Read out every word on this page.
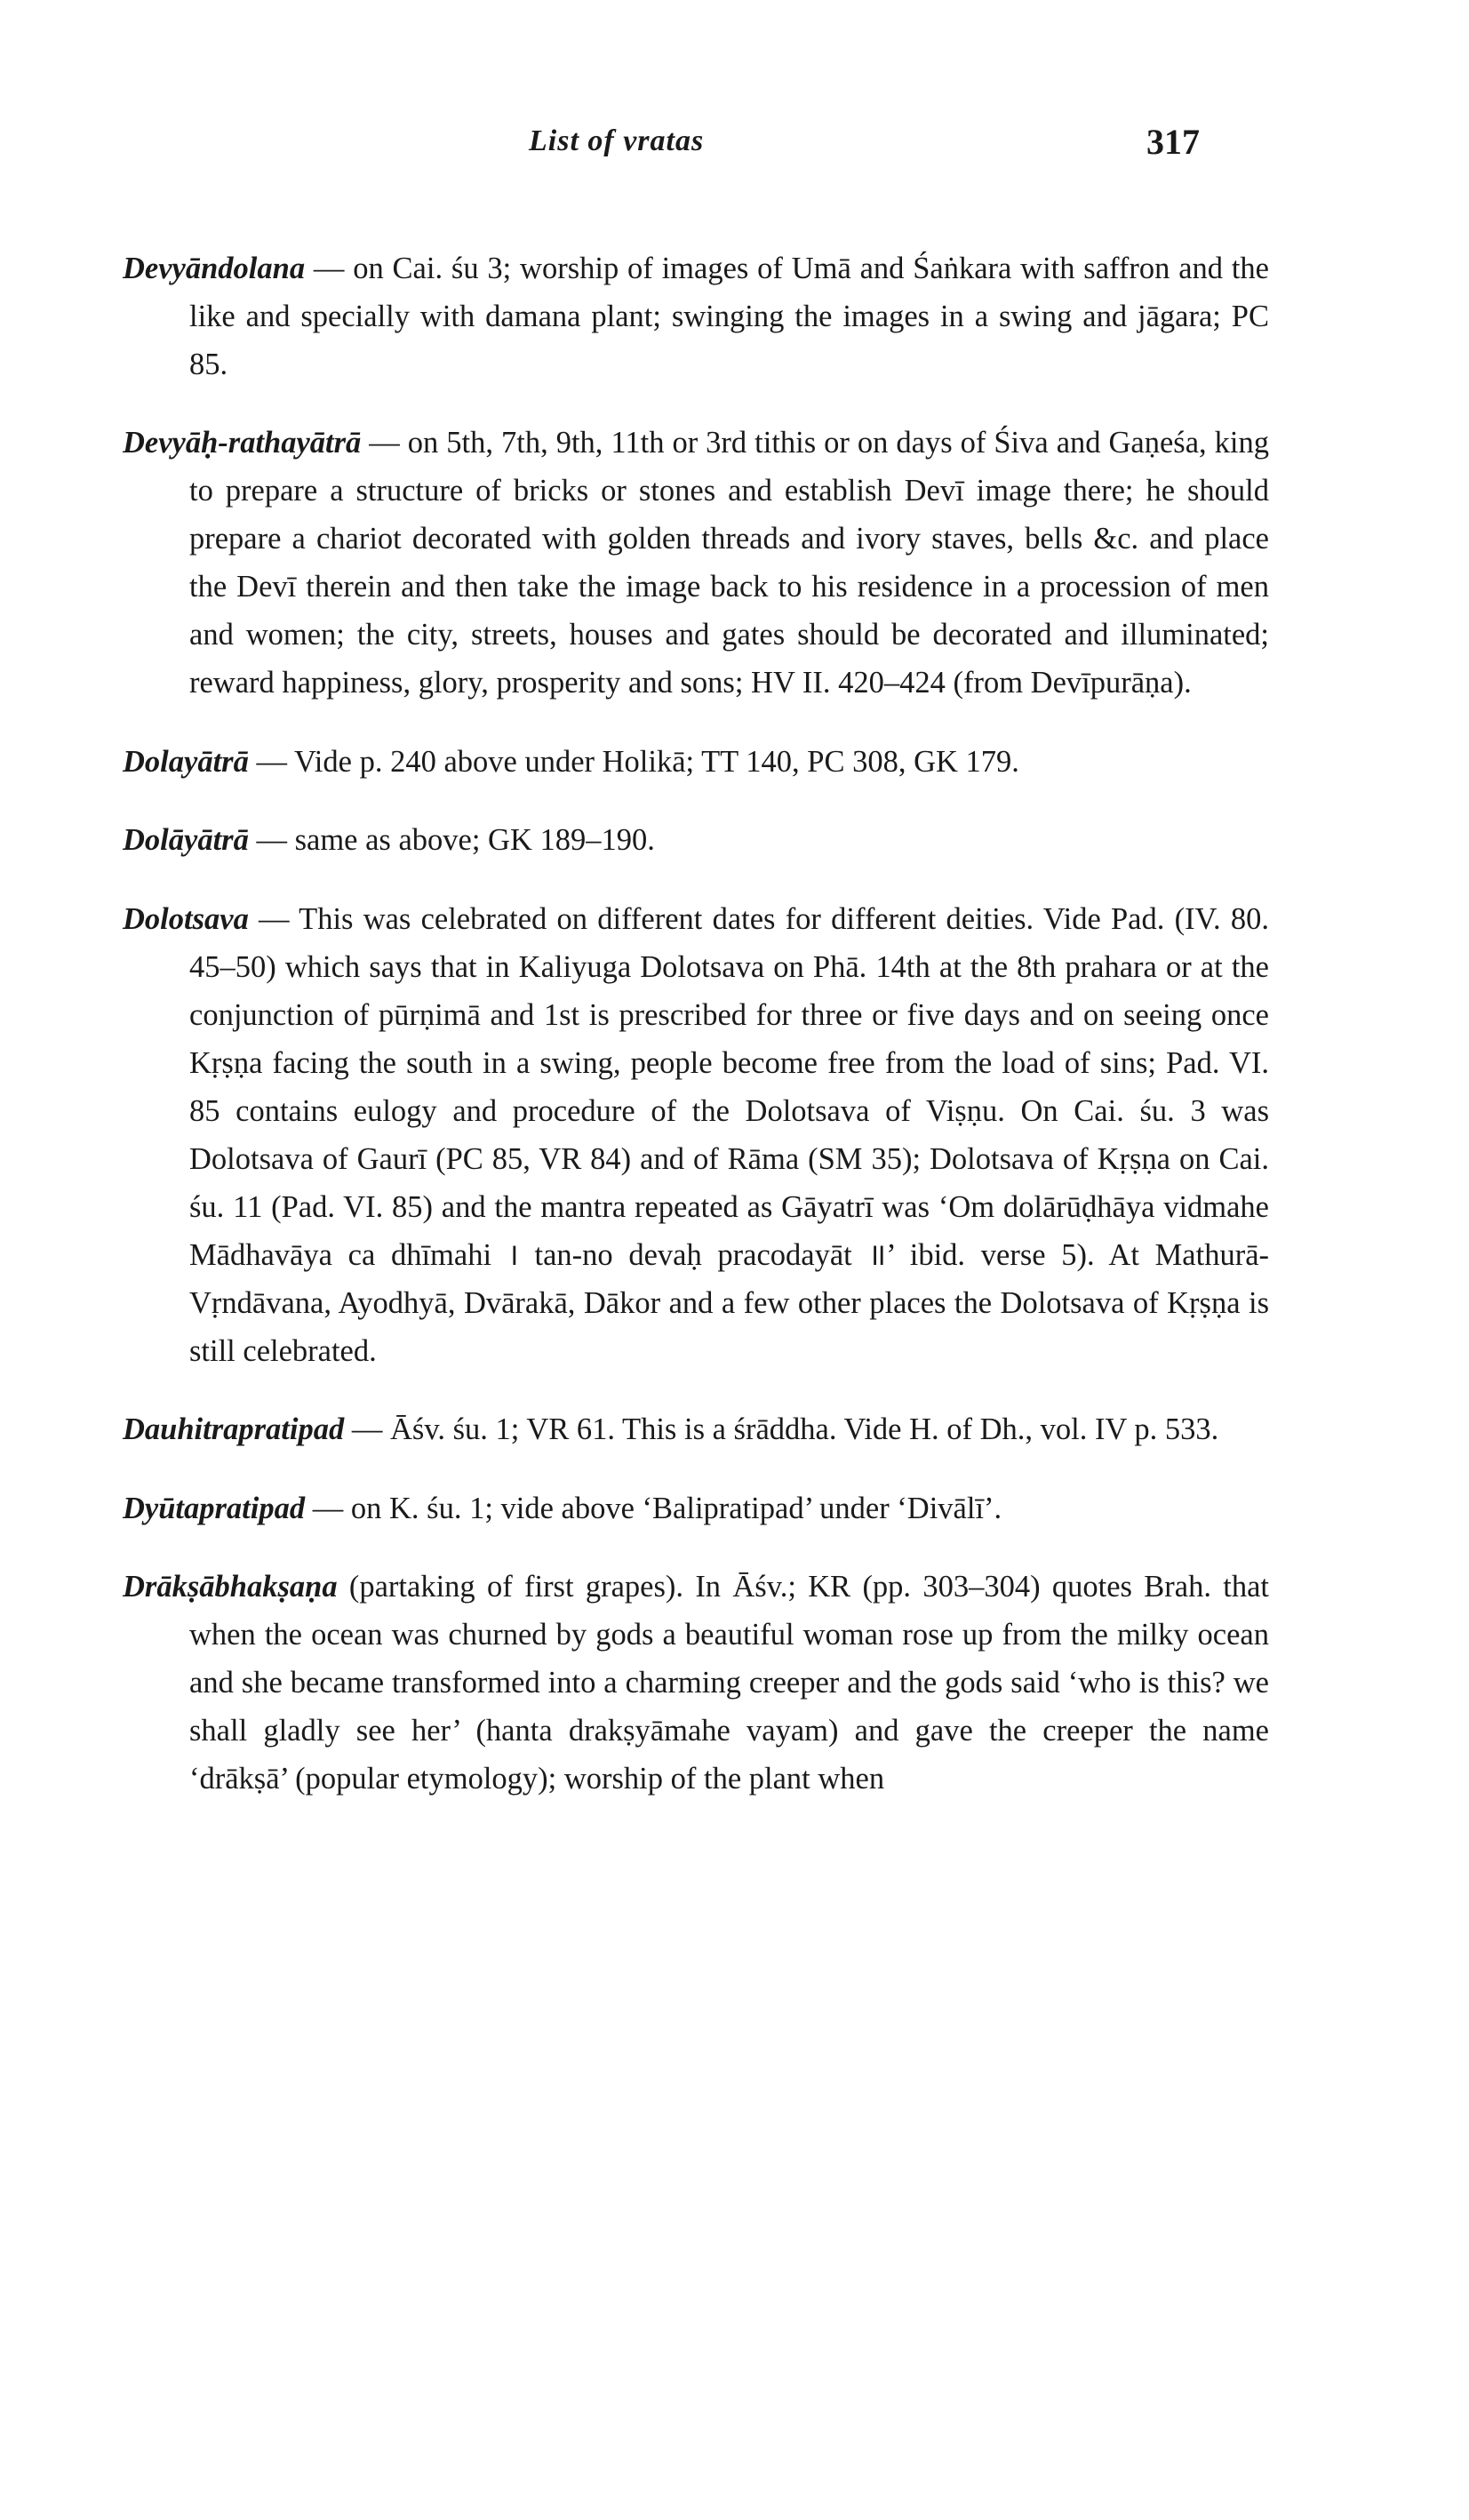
List of vratas	317

Devyāndolana — on Cai. śu 3; worship of images of Umā and Śaṅkara with saffron and the like and specially with damana plant; swinging the images in a swing and jāgara; PC 85.

Devyāḥ-rathayātrā — on 5th, 7th, 9th, 11th or 3rd tithis or on days of Śiva and Gaṇeśa, king to prepare a structure of bricks or stones and establish Devī image there; he should prepare a chariot decorated with golden threads and ivory staves, bells &c. and place the Devī therein and then take the image back to his residence in a procession of men and women; the city, streets, houses and gates should be decorated and illuminated; reward happiness, glory, prosperity and sons; HV II. 420–424 (from Devīpurāṇa).

Dolayātrā — Vide p. 240 above under Holikā; TT 140, PC 308, GK 179.

Dolāyātrā — same as above; GK 189–190.

Dolotsava — This was celebrated on different dates for different deities. Vide Pad. (IV. 80. 45–50) which says that in Kaliyuga Dolotsava on Phā. 14th at the 8th prahara or at the conjunction of pūrṇimā and 1st is prescribed for three or five days and on seeing once Kṛṣṇa facing the south in a swing, people become free from the load of sins; Pad. VI. 85 contains eulogy and procedure of the Dolotsava of Viṣṇu. On Cai. śu. 3 was Dolotsava of Gaurī (PC 85, VR 84) and of Rāma (SM 35); Dolotsava of Kṛṣṇa on Cai. śu. 11 (Pad. VI. 85) and the mantra repeated as Gāyatrī was ‘Om dolārūḍhāya vidmahe Mādhavāya ca dhīmahi । tan-no devaḥ pracodayāt ॥’ ibid. verse 5). At Mathurā-Vṛndāvana, Ayodhyā, Dvārakā, Dākor and a few other places the Dolotsava of Kṛṣṇa is still celebrated.

Dauhitrapratipad — Āśv. śu. 1; VR 61. This is a śrāddha. Vide H. of Dh., vol. IV p. 533.

Dyūtapratipad — on K. śu. 1; vide above ‘Balipratipad’ under ‘Divālī’.

Drākṣābhakṣaṇa (partaking of first grapes). In Āśv.; KR (pp. 303–304) quotes Brah. that when the ocean was churned by gods a beautiful woman rose up from the milky ocean and she became transformed into a charming creeper and the gods said ‘who is this? we shall gladly see her’ (hanta drakṣyāmahe vayam) and gave the creeper the name ‘drākṣā’ (popular etymology); worship of the plant when
